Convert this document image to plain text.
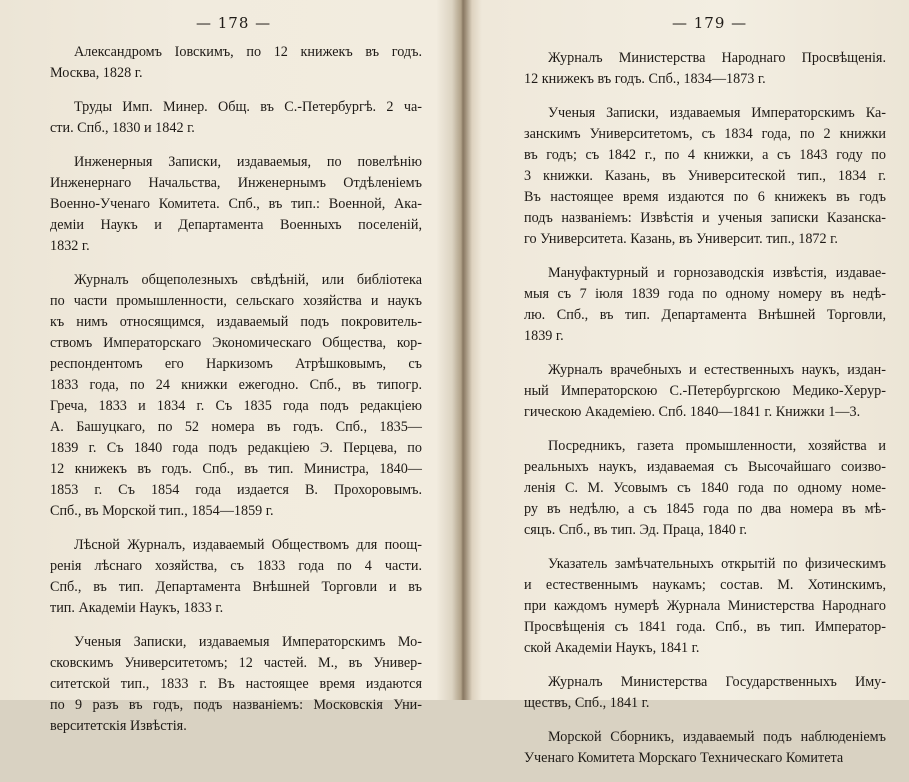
— 178 —
Александромъ Іовскимъ, по 12 книжекъ въ годъ.
Москва, 1828 г.
Труды Имп. Минер. Общ. въ С.-Петербургѣ. 2 ча-
сти. Спб., 1830 и 1842 г.
Инженерныя Записки, издаваемыя, по повелѣнію
Инженернаго Начальства, Инженернымъ Отдѣленіемъ
Военно-Ученаго Комитета. Спб., въ тип.: Военной, Ака-
деміи Наукъ и Департамента Военныхъ поселеній,
1832 г.
Журналъ общеполезныхъ свѣдѣній, или библіотека
по части промышленности, сельскаго хозяйства и наукъ
къ нимъ относящимся, издаваемый подъ покровитель-
ствомъ Императорскаго Экономическаго Общества, кор-
респондентомъ его Наркизомъ Атрѣшковымъ, съ
1833 года, по 24 книжки ежегодно. Спб., въ типогр.
Греча, 1833 и 1834 г. Съ 1835 года подъ редакціею
А. Башуцкаго, по 52 номера въ годъ. Спб., 1835—
1839 г. Съ 1840 года подъ редакціею Э. Перцева, по
12 книжекъ въ годъ. Спб., въ тип. Министра, 1840—
1853 г. Съ 1854 года издается В. Прохоровымъ.
Спб., въ Морской тип., 1854—1859 г.
Лѣсной Журналъ, издаваемый Обществомъ для поощ-
ренія лѣснаго хозяйства, съ 1833 года по 4 части.
Спб., въ тип. Департамента Внѣшней Торговли и въ
тип. Академіи Наукъ, 1833 г.
Ученыя Записки, издаваемыя Императорскимъ Мо-
сковскимъ Университетомъ; 12 частей. М., въ Универ-
ситетской тип., 1833 г. Въ настоящее время издаются
по 9 разъ въ годъ, подъ названіемъ: Московскія Уни-
верситетскія Извѣстія.
— 179 —
Журналъ Министерства Народнаго Просвѣщенія.
12 книжекъ въ годъ. Спб., 1834—1873 г.
Ученыя Записки, издаваемыя Императорскимъ Ка-
занскимъ Университетомъ, съ 1834 года, по 2 книжки
въ годъ; съ 1842 г., по 4 книжки, а съ 1843 году по
3 книжки. Казань, въ Университеской тип., 1834 г.
Въ настоящее время издаются по 6 книжекъ въ годъ
подъ названіемъ: Извѣстія и ученыя записки Казанска-
го Университета. Казань, въ Университ. тип., 1872 г.
Мануфактурный и горнозаводскія извѣстія, издавае-
мыя съ 7 іюля 1839 года по одному номеру въ недѣ-
лю. Спб., въ тип. Департамента Внѣшней Торговли,
1839 г.
Журналъ врачебныхъ и естественныхъ наукъ, издан-
ный Императорскою С.-Петербургскою Медико-Херур-
гическою Академіею. Спб. 1840—1841 г. Книжки 1—3.
Посредникъ, газета промышленности, хозяйства и
реальныхъ наукъ, издаваемая съ Высочайшаго соизво-
ленія С. М. Усовымъ съ 1840 года по одному номе-
ру въ недѣлю, а съ 1845 года по два номера въ мѣ-
сяцъ. Спб., въ тип. Эд. Праца, 1840 г.
Указатель замѣчательныхъ открытій по физическимъ
и естественнымъ наукамъ; состав. М. Хотинскимъ,
при каждомъ нумерѣ Журнала Министерства Народнаго
Просвѣщенія съ 1841 года. Спб., въ тип. Император-
ской Академіи Наукъ, 1841 г.
Журналъ Министерства Государственныхъ Иму-
ществъ, Спб., 1841 г.
Морской Сборникъ, издаваемый подъ наблюденіемъ
Ученаго Комитета Морскаго Техническаго Комитета
